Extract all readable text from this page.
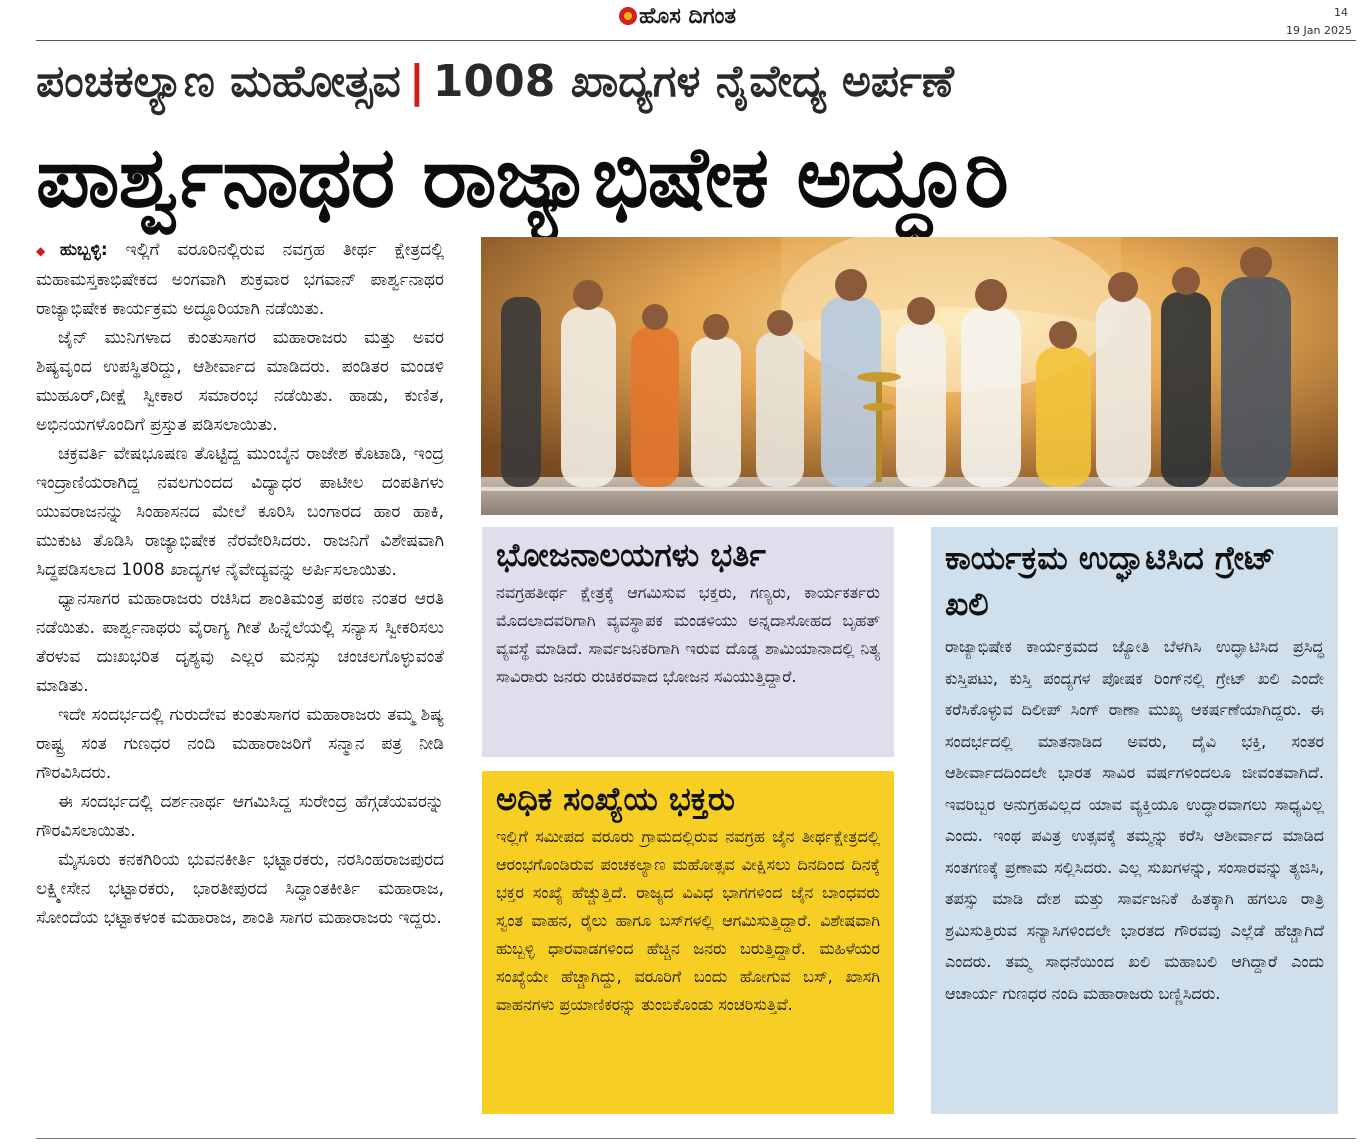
ಹೊಸ ದಿಗಂತ	14
19 Jan 2025
ಪಂಚಕಲ್ಯಾಣ ಮಹೋತ್ಸವ | 1008 ಖಾದ್ಯಗಳ ನೈವೇದ್ಯ ಅರ್ಪಣೆ
ಪಾರ್ಶ್ವನಾಥರ ರಾಜ್ಯಾಭಿಷೇಕ ಅದ್ಧೂರಿ

◆ ಹುಬ್ಬಳ್ಳಿ: ಇಲ್ಲಿಗೆ ವರೂರಿನಲ್ಲಿರುವ ನವಗ್ರಹ ತೀರ್ಥ ಕ್ಷೇತ್ರದಲ್ಲಿ ಮಹಾಮಸ್ತಕಾಭಿಷೇಕದ ಅಂಗವಾಗಿ ಶುಕ್ರವಾರ ಭಗವಾನ್ ಪಾರ್ಶ್ವನಾಥರ ರಾಜ್ಯಾಭಿಷೇಕ ಕಾರ್ಯಕ್ರಮ ಅದ್ಧೂರಿಯಾಗಿ ನಡೆಯಿತು.

ಜೈನ್ ಮುನಿಗಳಾದ ಕುಂತುಸಾಗರ ಮಹಾರಾಜರು ಮತ್ತು ಅವರ ಶಿಷ್ಯವೃಂದ ಉಪಸ್ಥಿತರಿದ್ದು, ಆಶೀರ್ವಾದ ಮಾಡಿದರು. ಪಂಡಿತರ ಮಂಡಳಿ ಮುಹೂರ್,ದೀಕ್ಷೆ ಸ್ವೀಕಾರ ಸಮಾರಂಭ ನಡೆಯಿತು. ಹಾಡು, ಕುಣಿತ, ಅಭಿನಯಗಳೊಂದಿಗೆ ಪ್ರಸ್ತುತ ಪಡಿಸಲಾಯಿತು.

ಚಕ್ರವರ್ತಿ ವೇಷಭೂಷಣ ತೊಟ್ಟಿದ್ದ ಮುಂಬೈನ ರಾಜೇಶ ಕೊಟಾಡಿ, ಇಂದ್ರ ಇಂದ್ರಾಣಿಯರಾಗಿದ್ದ ನವಲಗುಂದದ ವಿದ್ಯಾಧರ ಪಾಟೀಲ ದಂಪತಿಗಳು ಯುವರಾಜನನ್ನು ಸಿಂಹಾಸನದ ಮೇಲೆ ಕೂರಿಸಿ ಬಂಗಾರದ ಹಾರ ಹಾಕಿ, ಮುಕುಟ ತೊಡಿಸಿ ರಾಜ್ಯಾಭಿಷೇಕ ನೆರವೇರಿಸಿದರು. ರಾಜನಿಗೆ ವಿಶೇಷವಾಗಿ ಸಿದ್ಧಪಡಿಸಲಾದ 1008 ಖಾದ್ಯಗಳ ನೈವೇದ್ಯವನ್ನು ಅರ್ಪಿಸಲಾಯಿತು.

ಧ್ಯಾನಸಾಗರ ಮಹಾರಾಜರು ರಚಿಸಿದ ಶಾಂತಿಮಂತ್ರ ಪಠಣ ನಂತರ ಆರತಿ ನಡೆಯಿತು. ಪಾರ್ಶ್ವನಾಥರು ವೈರಾಗ್ಯ ಗೀತೆ ಹಿನ್ನೆಲೆಯಲ್ಲಿ ಸನ್ಯಾಸ ಸ್ವೀಕರಿಸಲು ತೆರಳುವ ದುಃಖಭರಿತ ದೃಶ್ಯವು ಎಲ್ಲರ ಮನಸ್ಸು ಚಂಚಲಗೊಳ್ಳುವಂತೆ ಮಾಡಿತು.

ಇದೇ ಸಂದರ್ಭದಲ್ಲಿ ಗುರುದೇವ ಕುಂತುಸಾಗರ ಮಹಾರಾಜರು ತಮ್ಮ ಶಿಷ್ಯ ರಾಷ್ಟ್ರ ಸಂತ ಗುಣಧರ ನಂದಿ ಮಹಾರಾಜರಿಗೆ ಸನ್ಮಾನ ಪತ್ರ ನೀಡಿ ಗೌರವಿಸಿದರು.

ಈ ಸಂದರ್ಭದಲ್ಲಿ ದರ್ಶನಾರ್ಥ ಆಗಮಿಸಿದ್ದ ಸುರೇಂದ್ರ ಹೆಗ್ಗಡೆಯವರನ್ನು ಗೌರವಿಸಲಾಯಿತು.

ಮೈಸೂರು ಕನಕಗಿರಿಯ ಭುವನಕೀರ್ತಿ ಭಟ್ಟಾರಕರು, ನರಸಿಂಹರಾಜಪುರದ ಲಕ್ಷ್ಮೀಸೇನ ಭಟ್ಟಾರಕರು, ಭಾರತೀಪುರದ ಸಿದ್ಧಾಂತಕೀರ್ತಿ ಮಹಾರಾಜ, ಸೋಂದೆಯ ಭಟ್ಟಾಕಳಂಕ ಮಹಾರಾಜ, ಶಾಂತಿ ಸಾಗರ ಮಹಾರಾಜರು ಇದ್ದರು.

ಭೋಜನಾಲಯಗಳು ಭರ್ತಿ

ನವಗ್ರಹತೀರ್ಥ ಕ್ಷೇತ್ರಕ್ಕೆ ಆಗಮಿಸುವ ಭಕ್ತರು, ಗಣ್ಯರು, ಕಾರ್ಯಕರ್ತರು ಮೊದಲಾದವರಿಗಾಗಿ ವ್ಯವಸ್ಥಾಪಕ ಮಂಡಳಿಯು ಅನ್ನದಾಸೋಹದ ಬೃಹತ್ ವ್ಯವಸ್ಥೆ ಮಾಡಿದೆ. ಸಾರ್ವಜನಿಕರಿಗಾಗಿ ಇರುವ ದೊಡ್ಡ ಶಾಮಿಯಾನಾದಲ್ಲಿ ನಿತ್ಯ ಸಾವಿರಾರು ಜನರು ರುಚಿಕರವಾದ ಭೋಜನ ಸವಿಯುತ್ತಿದ್ದಾರೆ.

ಅಧಿಕ ಸಂಖ್ಯೆಯ ಭಕ್ತರು

ಇಲ್ಲಿಗೆ ಸಮೀಪದ ವರೂರು ಗ್ರಾಮದಲ್ಲಿರುವ ನವಗ್ರಹ ಜೈನ ತೀರ್ಥಕ್ಷೇತ್ರದಲ್ಲಿ ಆರಂಭಗೊಂಡಿರುವ ಪಂಚಕಲ್ಯಾಣ ಮಹೋತ್ಸವ ವೀಕ್ಷಿಸಲು ದಿನದಿಂದ ದಿನಕ್ಕೆ ಭಕ್ತರ ಸಂಖ್ಯೆ ಹೆಚ್ಚುತ್ತಿದೆ. ರಾಜ್ಯದ ವಿವಿಧ ಭಾಗಗಳಿಂದ ಜೈನ ಬಾಂಧವರು ಸ್ವಂತ ವಾಹನ, ರೈಲು ಹಾಗೂ ಬಸ್‌ಗಳಲ್ಲಿ ಆಗಮಿಸುತ್ತಿದ್ದಾರೆ. ವಿಶೇಷವಾಗಿ ಹುಬ್ಬಳ್ಳಿ ಧಾರವಾಡಗಳಿಂದ ಹೆಚ್ಚಿನ ಜನರು ಬರುತ್ತಿದ್ದಾರೆ. ಮಹಿಳೆಯರ ಸಂಖ್ಯೆಯೇ ಹೆಚ್ಚಾಗಿದ್ದು, ವರೂರಿಗೆ ಬಂದು ಹೋಗುವ ಬಸ್, ಖಾಸಗಿ ವಾಹನಗಳು ಪ್ರಯಾಣಿಕರನ್ನು ತುಂಬಿಕೊಂಡು ಸಂಚರಿಸುತ್ತಿವೆ.

ಕಾರ್ಯಕ್ರಮ ಉದ್ಘಾಟಿಸಿದ ಗ್ರೇಟ್ ಖಲಿ

ರಾಜ್ಯಾಭಿಷೇಕ ಕಾರ್ಯಕ್ರಮದ ಜ್ಯೋತಿ ಬೆಳಗಿಸಿ ಉದ್ಘಾಟಿಸಿದ ಪ್ರಸಿದ್ಧ ಕುಸ್ತಿಪಟು, ಕುಸ್ತಿ ಪಂದ್ಯಗಳ ಪೋಷಕ ರಿಂಗ್‌ನಲ್ಲಿ ಗ್ರೇಟ್ ಖಲಿ ಎಂದೇ ಕರೆಸಿಕೊಳ್ಳುವ ದಿಲೀಪ್ ಸಿಂಗ್ ರಾಣಾ ಮುಖ್ಯ ಆಕರ್ಷಣೆಯಾಗಿದ್ದರು. ಈ ಸಂದರ್ಭದಲ್ಲಿ ಮಾತನಾಡಿದ ಅವರು, ದೈವಿ ಭಕ್ತಿ, ಸಂತರ ಆಶೀರ್ವಾದದಿಂದಲೇ ಭಾರತ ಸಾವಿರ ವರ್ಷಗಳಿಂದಲೂ ಜೀವಂತವಾಗಿದೆ. ಇವರಿಬ್ಬರ ಅನುಗ್ರಹವಿಲ್ಲದ ಯಾವ ವ್ಯಕ್ತಿಯೂ ಉದ್ಧಾರವಾಗಲು ಸಾಧ್ಯವಿಲ್ಲ ಎಂದು. ಇಂಥ ಪವಿತ್ರ ಉತ್ಸವಕ್ಕೆ ತಮ್ಮನ್ನು ಕರೆಸಿ ಆಶೀರ್ವಾದ ಮಾಡಿದ ಸಂತಗಣಕ್ಕೆ ಪ್ರಣಾಮ ಸಲ್ಲಿಸಿದರು. ಎಲ್ಲ ಸುಖಗಳನ್ನು, ಸಂಸಾರವನ್ನು ತ್ಯಜಿಸಿ, ತಪಸ್ಸು ಮಾಡಿ ದೇಶ ಮತ್ತು ಸಾರ್ವಜನಿಕೆ ಹಿತಕ್ಕಾಗಿ ಹಗಲೂ ರಾತ್ರಿ ಶ್ರಮಿಸುತ್ತಿರುವ ಸನ್ಯಾಸಿಗಳಿಂದಲೇ ಭಾರತದ ಗೌರವವು ಎಲ್ಲೆಡೆ ಹೆಚ್ಚಾಗಿದೆ ಎಂದರು. ತಮ್ಮ ಸಾಧನೆಯಿಂದ ಖಲಿ ಮಹಾಬಲಿ ಆಗಿದ್ದಾರೆ ಎಂದು ಆಚಾರ್ಯ ಗುಣಧರ ನಂದಿ ಮಹಾರಾಜರು ಬಣ್ಣಿಸಿದರು.
